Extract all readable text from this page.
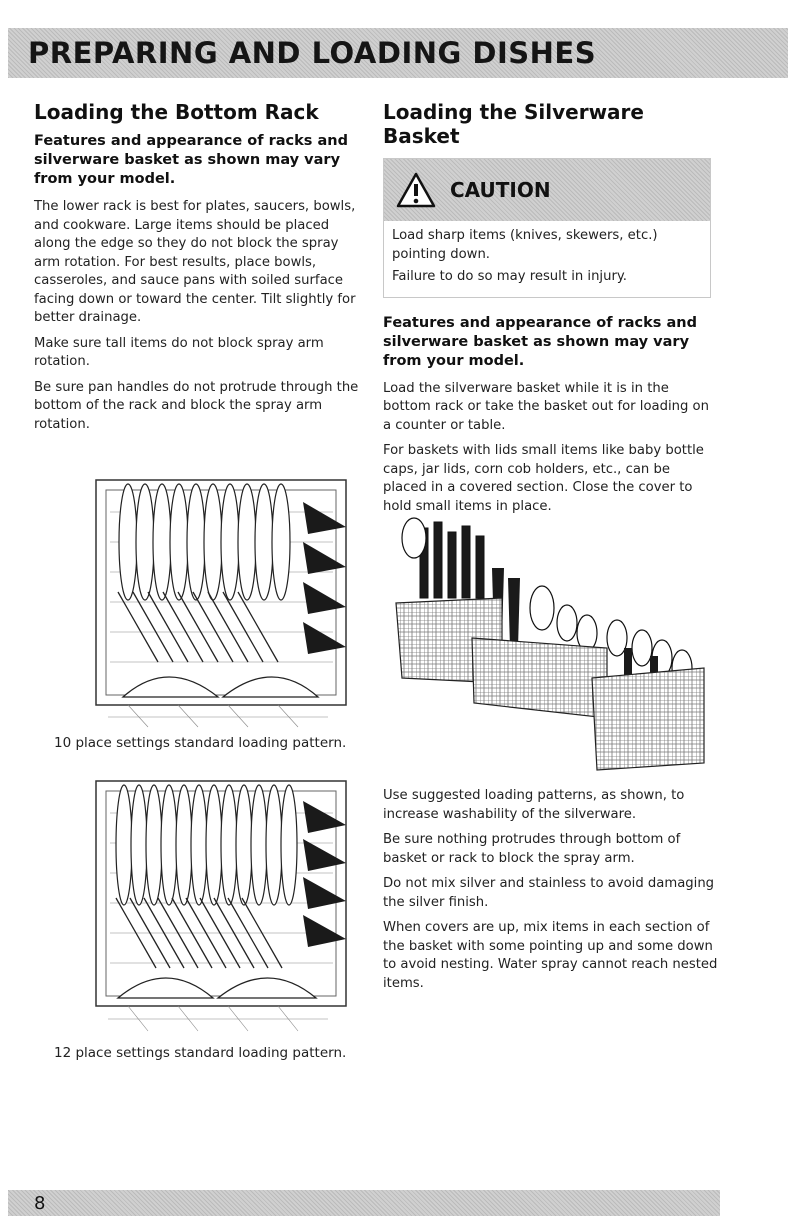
PREPARING AND LOADING DISHES
Loading the Bottom Rack

Features and appearance of racks and silverware basket as shown may vary from your model.

The lower rack is best for plates, saucers, bowls, and cookware. Large items should be placed along the edge so they do not block the spray arm rotation. For best results, place bowls, casseroles, and sauce pans with soiled surface facing down or toward the center. Tilt slightly for better drainage.

Make sure tall items do not block spray arm rotation.

Be sure pan handles do not protrude through the bottom of the rack and block the spray arm rotation.

10 place settings standard loading pattern.
12 place settings standard loading pattern.
Loading the Silverware Basket
CAUTION

Load sharp items (knives, skewers, etc.) pointing down.

Failure to do so may result in injury.

Features and appearance of racks and silverware basket as shown may vary from your model.

Load the silverware basket while it is in the bottom rack or take the basket out for loading on a counter or table.

For baskets with lids small items like baby bottle caps, jar lids, corn cob holders, etc., can be placed in a covered section. Close the cover to hold small items in place.

Use suggested loading patterns, as shown, to increase washability of the silverware.

Be sure nothing protrudes through bottom of basket or rack to block the spray arm.

Do not mix silver and stainless to avoid damaging the silver finish.

When covers are up, mix items in each section of the basket with some pointing up and some down to avoid nesting. Water spray cannot reach nested items.

8
